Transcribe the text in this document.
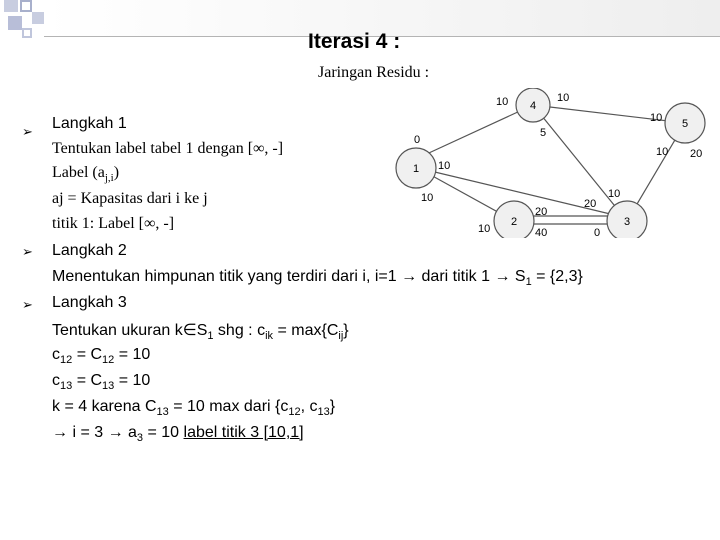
Iterasi 4 :
Jaringan Residu :
1
2	3
4
5
0
10	10
10
5
10
20
10
10
20
40
10
0
10 20
➢
➢
➢
Langkah 1
Tentukan label tabel 1 dengan [∞, -]
Label $(a_{j,i})$
aj = Kapasitas dari i ke j
titik 1: Label [∞, -]
Langkah 2
Menentukan himpunan titik yang terdiri dari i, i=1 → dari titik $1 \to S_1 = \{2,3\}$
Langkah 3
Tentukan ukuran $k\in S_1$ shg : $c_{ik} = \max\{C_{ij}\}$
$c_{12} = C_{12} = 10$
$c_{13} = C_{13} = 10$
k = 4 karena $C_{13} = 10$ max dari {$c_{12}$, $c_{13}$}
→ $i = 3 \to a_3 = 10$ label titik 3 [10,1]
